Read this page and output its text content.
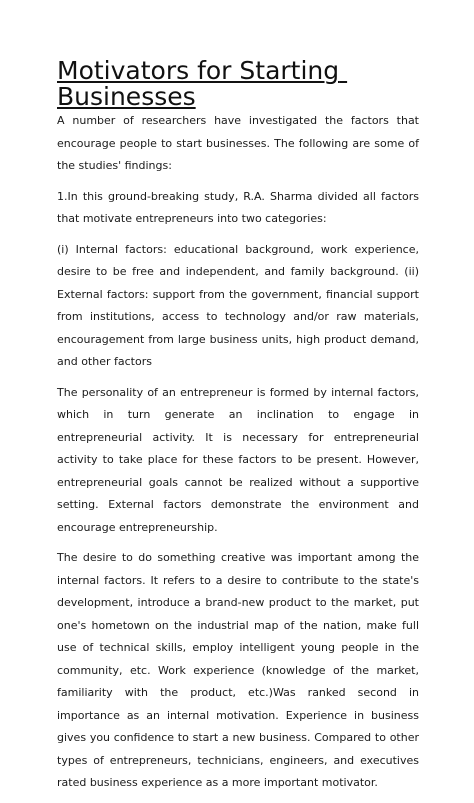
Motivators for Starting Businesses

A number of researchers have investigated the factors that encourage people to start businesses. The following are some of the studies' findings:

1.In this ground-breaking study, R.A. Sharma divided all factors that motivate entrepreneurs into two categories:

(i) Internal factors: educational background, work experience, desire to be free and independent, and family background. (ii) External factors: support from the government, financial support from institutions, access to technology and/or raw materials, encouragement from large business units, high product demand, and other factors

The personality of an entrepreneur is formed by internal factors, which in turn generate an inclination to engage in entrepreneurial activity. It is necessary for entrepreneurial activity to take place for these factors to be present. However, entrepreneurial goals cannot be realized without a supportive setting. External factors demonstrate the environment and encourage entrepreneurship.

The desire to do something creative was important among the internal factors. It refers to a desire to contribute to the state's development, introduce a brand-new product to the market, put one's hometown on the industrial map of the nation, make full use of technical skills, employ intelligent young people in the community, etc. Work experience (knowledge of the market, familiarity with the product, etc.)Was ranked second in importance as an internal motivation. Experience in business gives you confidence to start a new business. Compared to other types of entrepreneurs, technicians, engineers, and executives rated business experience as a more important motivator.
